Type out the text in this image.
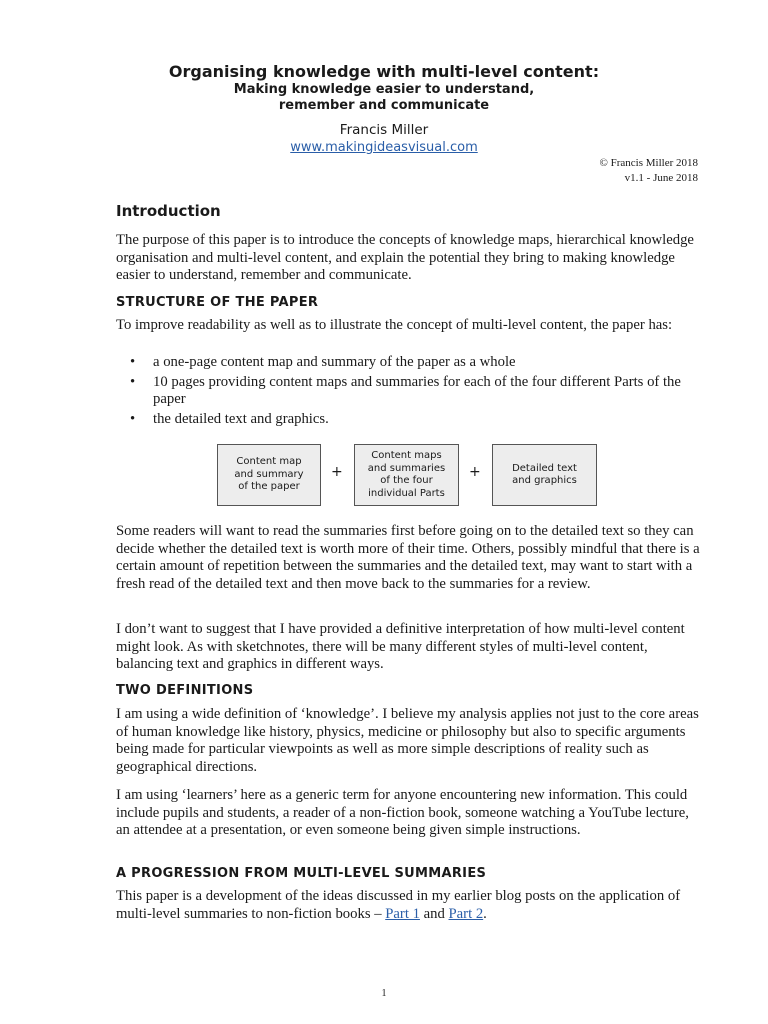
Organising knowledge with multi-level content:
Making knowledge easier to understand,
remember and communicate
Francis Miller
www.makingideasvisual.com
© Francis Miller 2018
v1.1 - June 2018
Introduction
The purpose of this paper is to introduce the concepts of knowledge maps, hierarchical knowledge organisation and multi-level content, and explain the potential they bring to making knowledge easier to understand, remember and communicate.
STRUCTURE OF THE PAPER
To improve readability as well as to illustrate the concept of multi-level content, the paper has:
• a one-page content map and summary of the paper as a whole
• 10 pages providing content maps and summaries for each of the four different Parts of the paper
• the detailed text and graphics.
Content map
and summary
of the paper
+
Content maps
and summaries
of the four
individual Parts
+	Detailed text
and graphics
Some readers will want to read the summaries first before going on to the detailed text so they can decide whether the detailed text is worth more of their time. Others, possibly mindful that there is a certain amount of repetition between the summaries and the detailed text, may want to start with a fresh read of the detailed text and then move back to the summaries for a review.
I don’t want to suggest that I have provided a definitive interpretation of how multi-level content might look. As with sketchnotes, there will be many different styles of multi-level content, balancing text and graphics in different ways.
TWO DEFINITIONS
I am using a wide definition of ‘knowledge’. I believe my analysis applies not just to the core areas of human knowledge like history, physics, medicine or philosophy but also to specific arguments being made for particular viewpoints as well as more simple descriptions of reality such as geographical directions.
I am using ‘learners’ here as a generic term for anyone encountering new information. This could include pupils and students, a reader of a non-fiction book, someone watching a YouTube lecture, an attendee at a presentation, or even someone being given simple instructions.
A PROGRESSION FROM MULTI-LEVEL SUMMARIES
This paper is a development of the ideas discussed in my earlier blog posts on the application of multi-level summaries to non-fiction books – Part 1 and Part 2.
1
